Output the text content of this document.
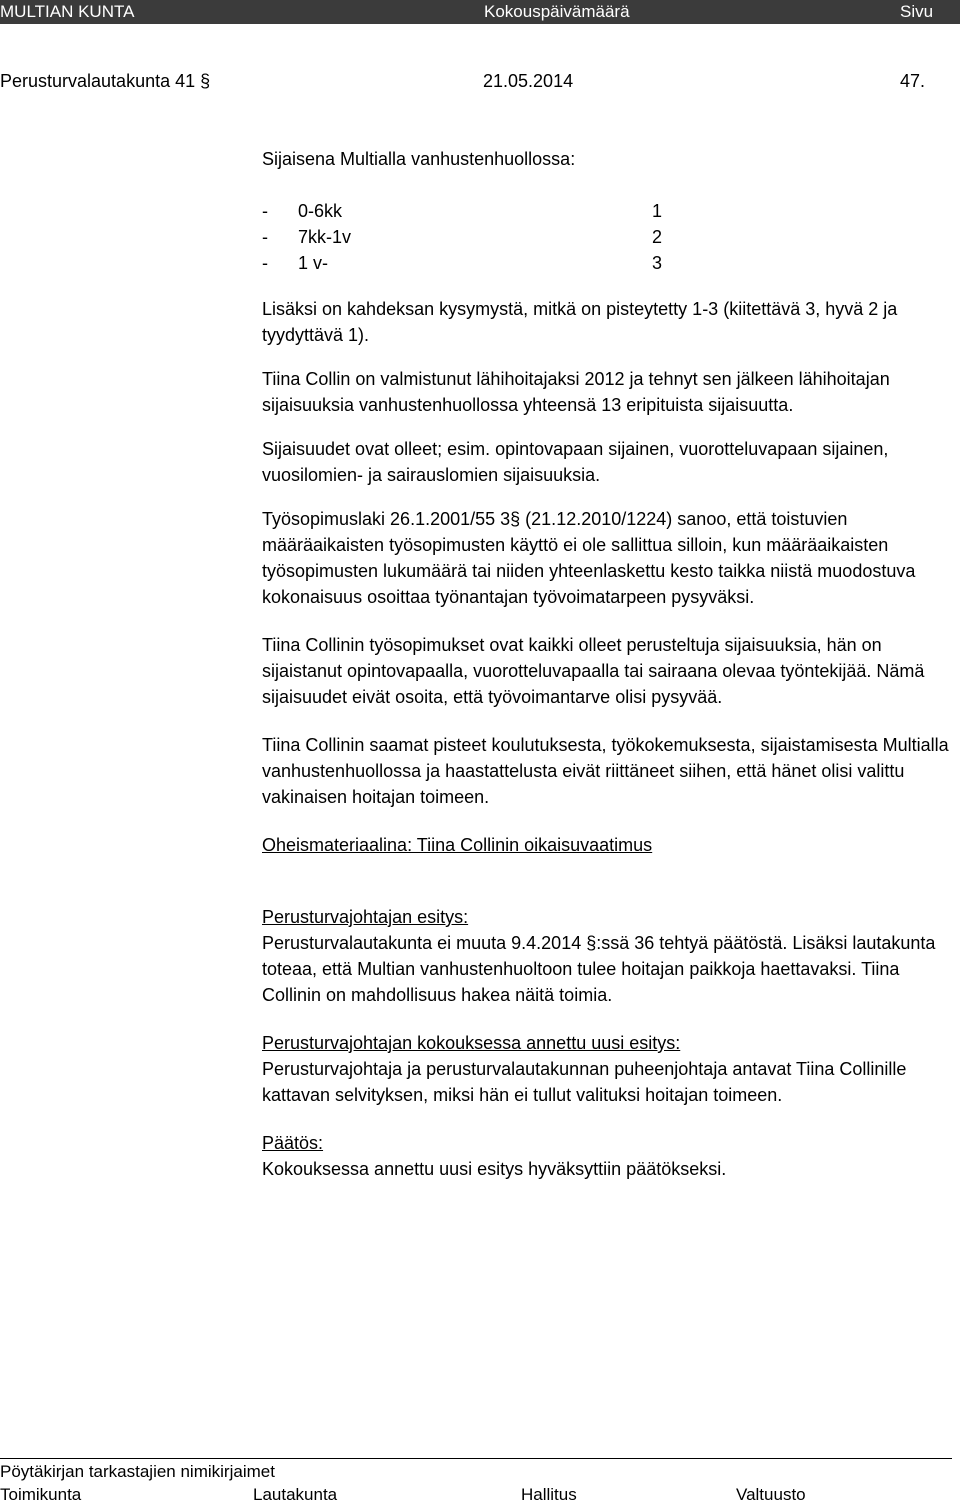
MULTIAN KUNTA	Kokouspäivämäärä	Sivu
Perusturvalautakunta 41 §	21.05.2014	47.

Sijaisena Multialla vanhustenhuollossa:

- 0-6kk	1
- 7kk-1v	2
- 1 v-	3

Lisäksi on kahdeksan kysymystä, mitkä on pisteytetty 1-3 (kiitettävä 3, hyvä 2 ja tyydyttävä 1).

Tiina Collin on valmistunut lähihoitajaksi 2012 ja tehnyt sen jälkeen lähihoitajan sijaisuuksia vanhustenhuollossa yhteensä 13 eripituista sijaisuutta.

Sijaisuudet ovat olleet; esim. opintovapaan sijainen, vuorotteluvapaan sijainen, vuosilomien- ja sairauslomien sijaisuuksia.

Työsopimuslaki 26.1.2001/55 3§ (21.12.2010/1224) sanoo, että toistuvien määräaikaisten työsopimusten käyttö ei ole sallittua silloin, kun määräaikaisten työsopimusten lukumäärä tai niiden yhteenlaskettu kesto taikka niistä muodostuva kokonaisuus osoittaa työnantajan työvoimatarpeen pysyväksi.

Tiina Collinin työsopimukset ovat kaikki olleet perusteltuja sijaisuuksia, hän on sijaistanut opintovapaalla, vuorotteluvapaalla tai sairaana olevaa työntekijää. Nämä sijaisuudet eivät osoita, että työvoimantarve olisi pysyvää.

Tiina Collinin saamat pisteet koulutuksesta, työkokemuksesta, sijaistamisesta Multialla vanhustenhuollossa ja haastattelusta eivät riittäneet siihen, että hänet olisi valittu vakinaisen hoitajan toimeen.

Oheismateriaalina: Tiina Collinin oikaisuvaatimus

Perusturvajohtajan esitys:

Perusturvalautakunta ei muuta 9.4.2014 §:ssä 36 tehtyä päätöstä. Lisäksi lautakunta toteaa, että Multian vanhustenhuoltoon tulee hoitajan paikkoja haettavaksi. Tiina Collinin on mahdollisuus hakea näitä toimia.

Perusturvajohtajan kokouksessa annettu uusi esitys:

Perusturvajohtaja ja perusturvalautakunnan puheenjohtaja antavat Tiina Collinille kattavan selvityksen, miksi hän ei tullut valituksi hoitajan toimeen.

Päätös:

Kokouksessa annettu uusi esitys hyväksyttiin päätökseksi.

Pöytäkirjan tarkastajien nimikirjaimet
Toimikunta	Lautakunta	Hallitus	Valtuusto
